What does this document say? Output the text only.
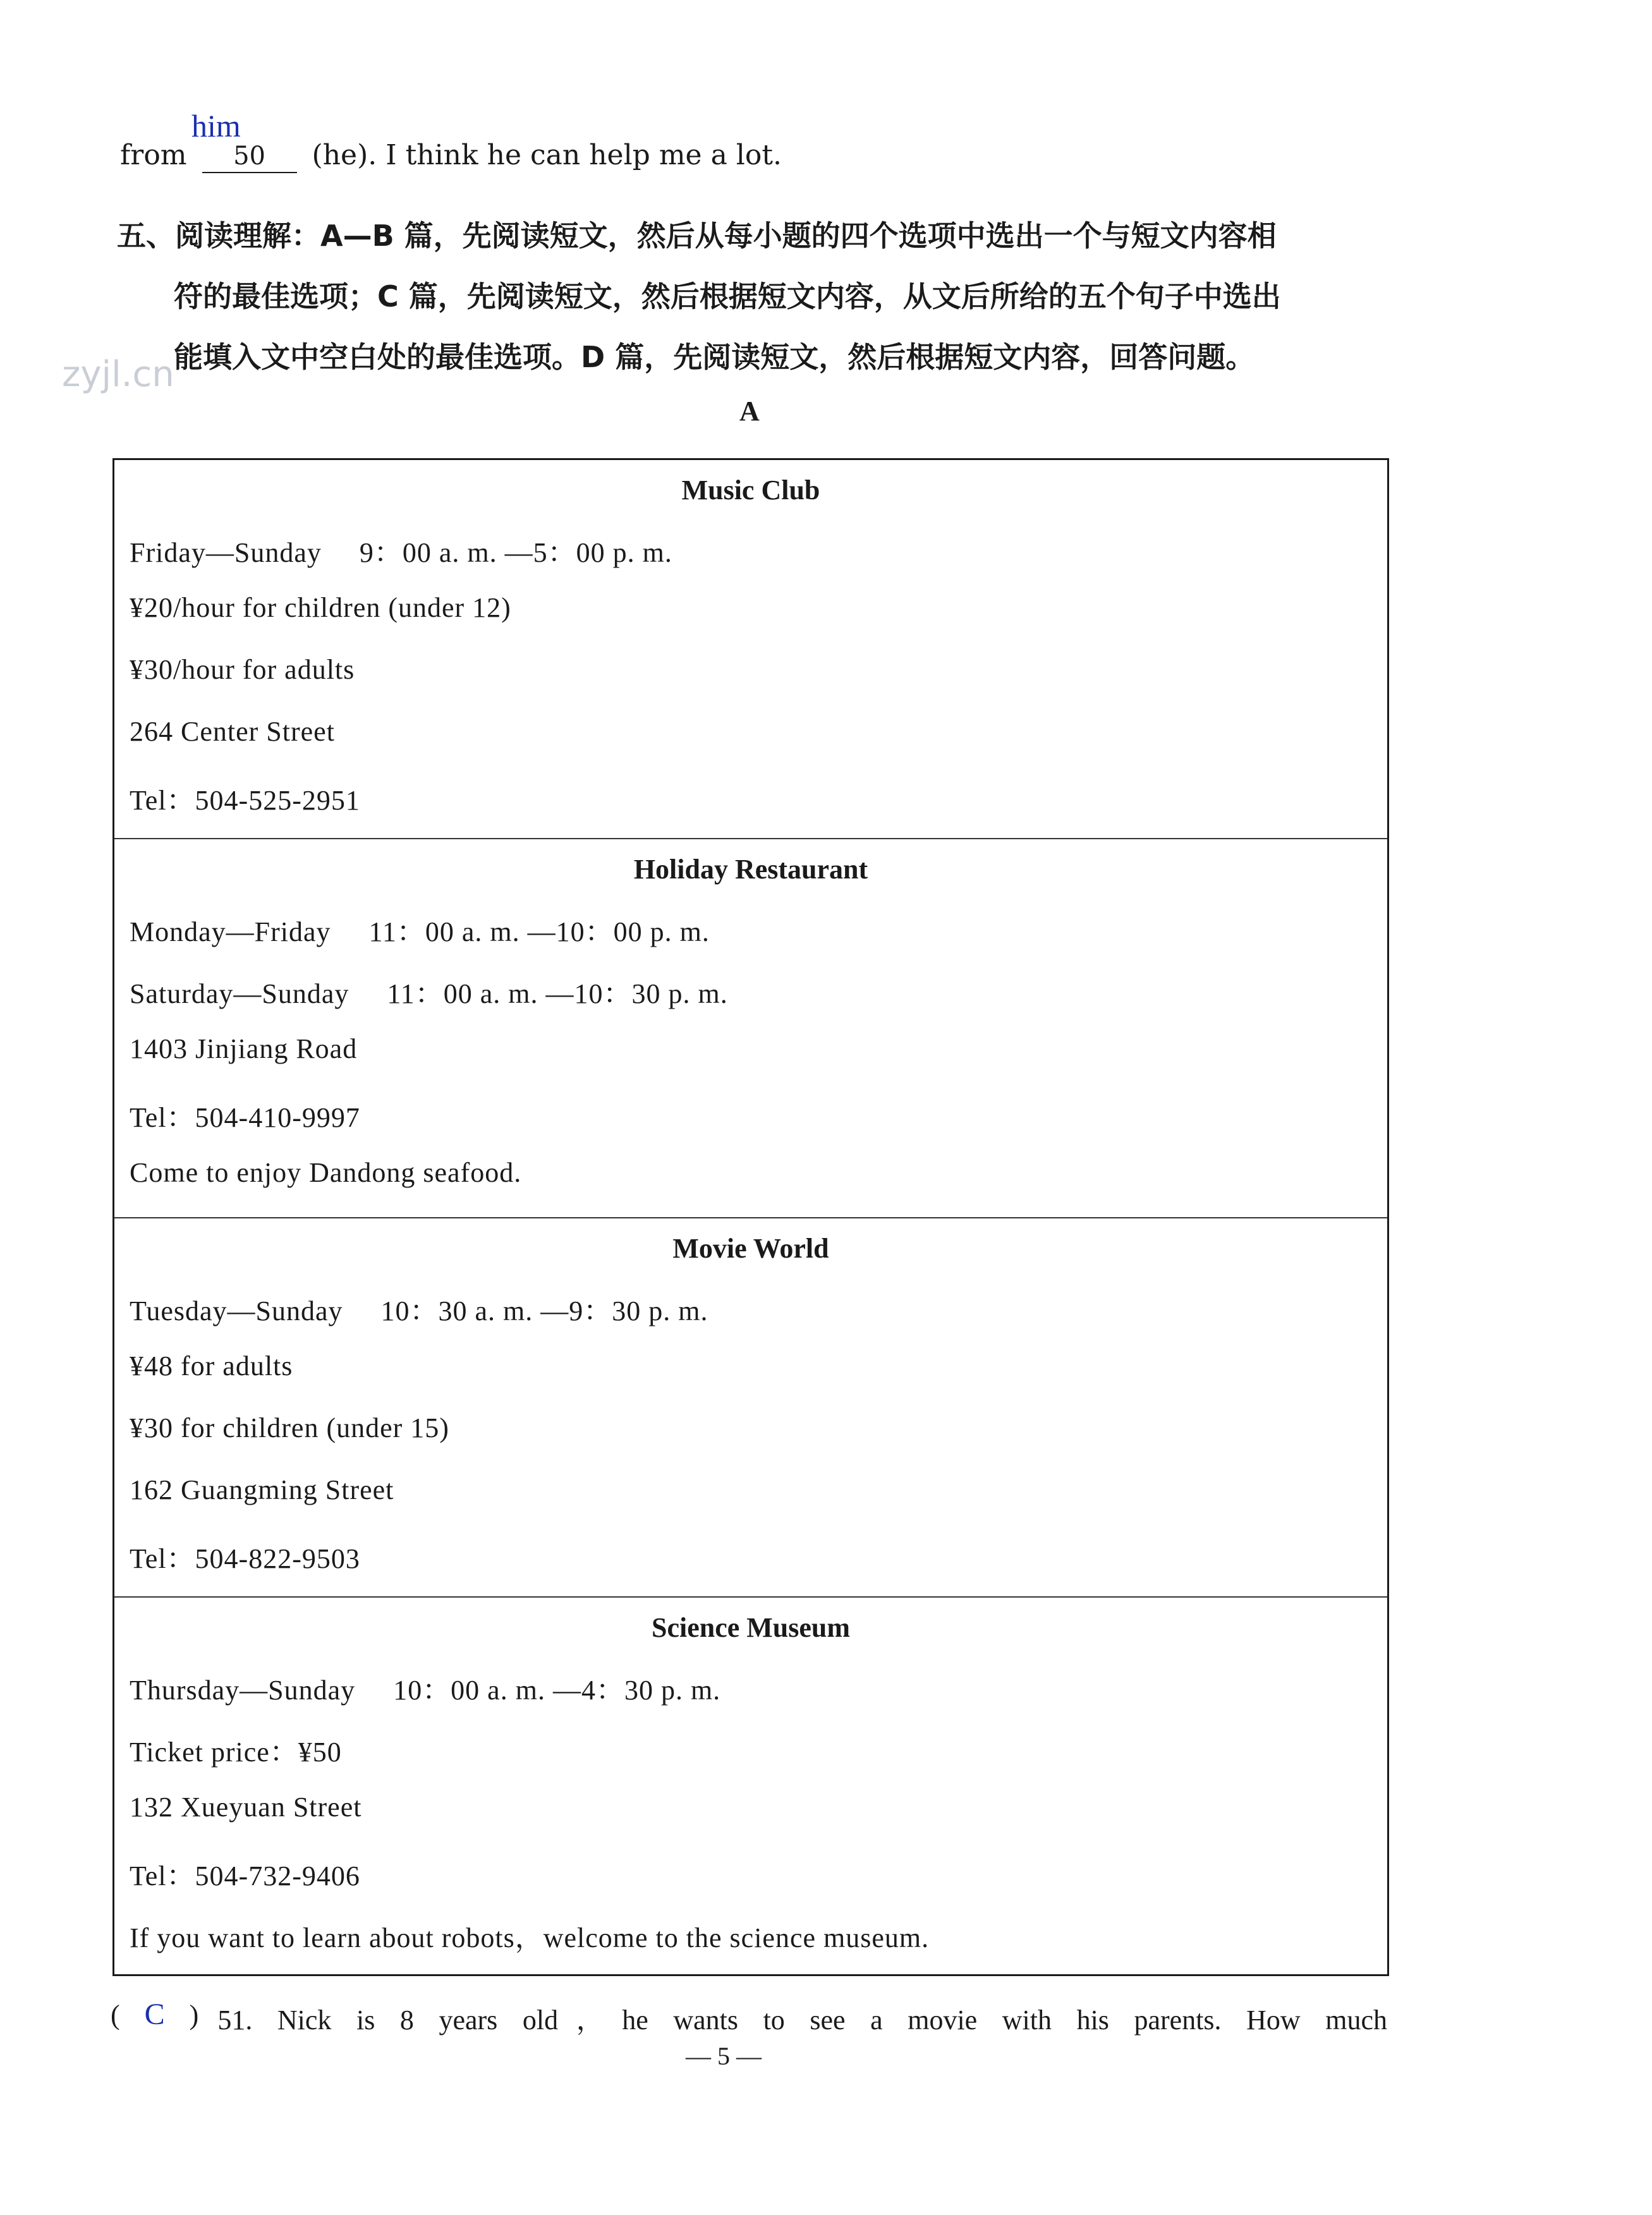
him
from 50 (he). I think he can help me a lot.

五、阅读理解：A—B 篇，先阅读短文，然后从每小题的四个选项中选出一个与短文内容相

符的最佳选项；C 篇，先阅读短文，然后根据短文内容，从文后所给的五个句子中选出

能填入文中空白处的最佳选项。D 篇，先阅读短文，然后根据短文内容，回答问题。

zyjl.cn
A
Music Club
Friday—Sunday 9：00 a. m. —5：00 p. m.
¥20/hour for children (under 12)
¥30/hour for adults
264 Center Street
Tel：504-525-2951
Holiday Restaurant
Monday—Friday 11：00 a. m. —10：00 p. m.
Saturday—Sunday 11：00 a. m. —10：30 p. m.
1403 Jinjiang Road
Tel：504-410-9997
Come to enjoy Dandong seafood.
Movie World
Tuesday—Sunday 10：30 a. m. —9：30 p. m.
¥48 for adults
¥30 for children (under 15)
162 Guangming Street
Tel：504-822-9503
Science Museum
Thursday—Sunday 10：00 a. m. —4：30 p. m.
Ticket price：¥50
132 Xueyuan Street
Tel：504-732-9406
If you want to learn about robots，welcome to the science museum.
( C ) 51. Nick is 8 years old，he wants to see a movie with his parents. How much
— 5 —
